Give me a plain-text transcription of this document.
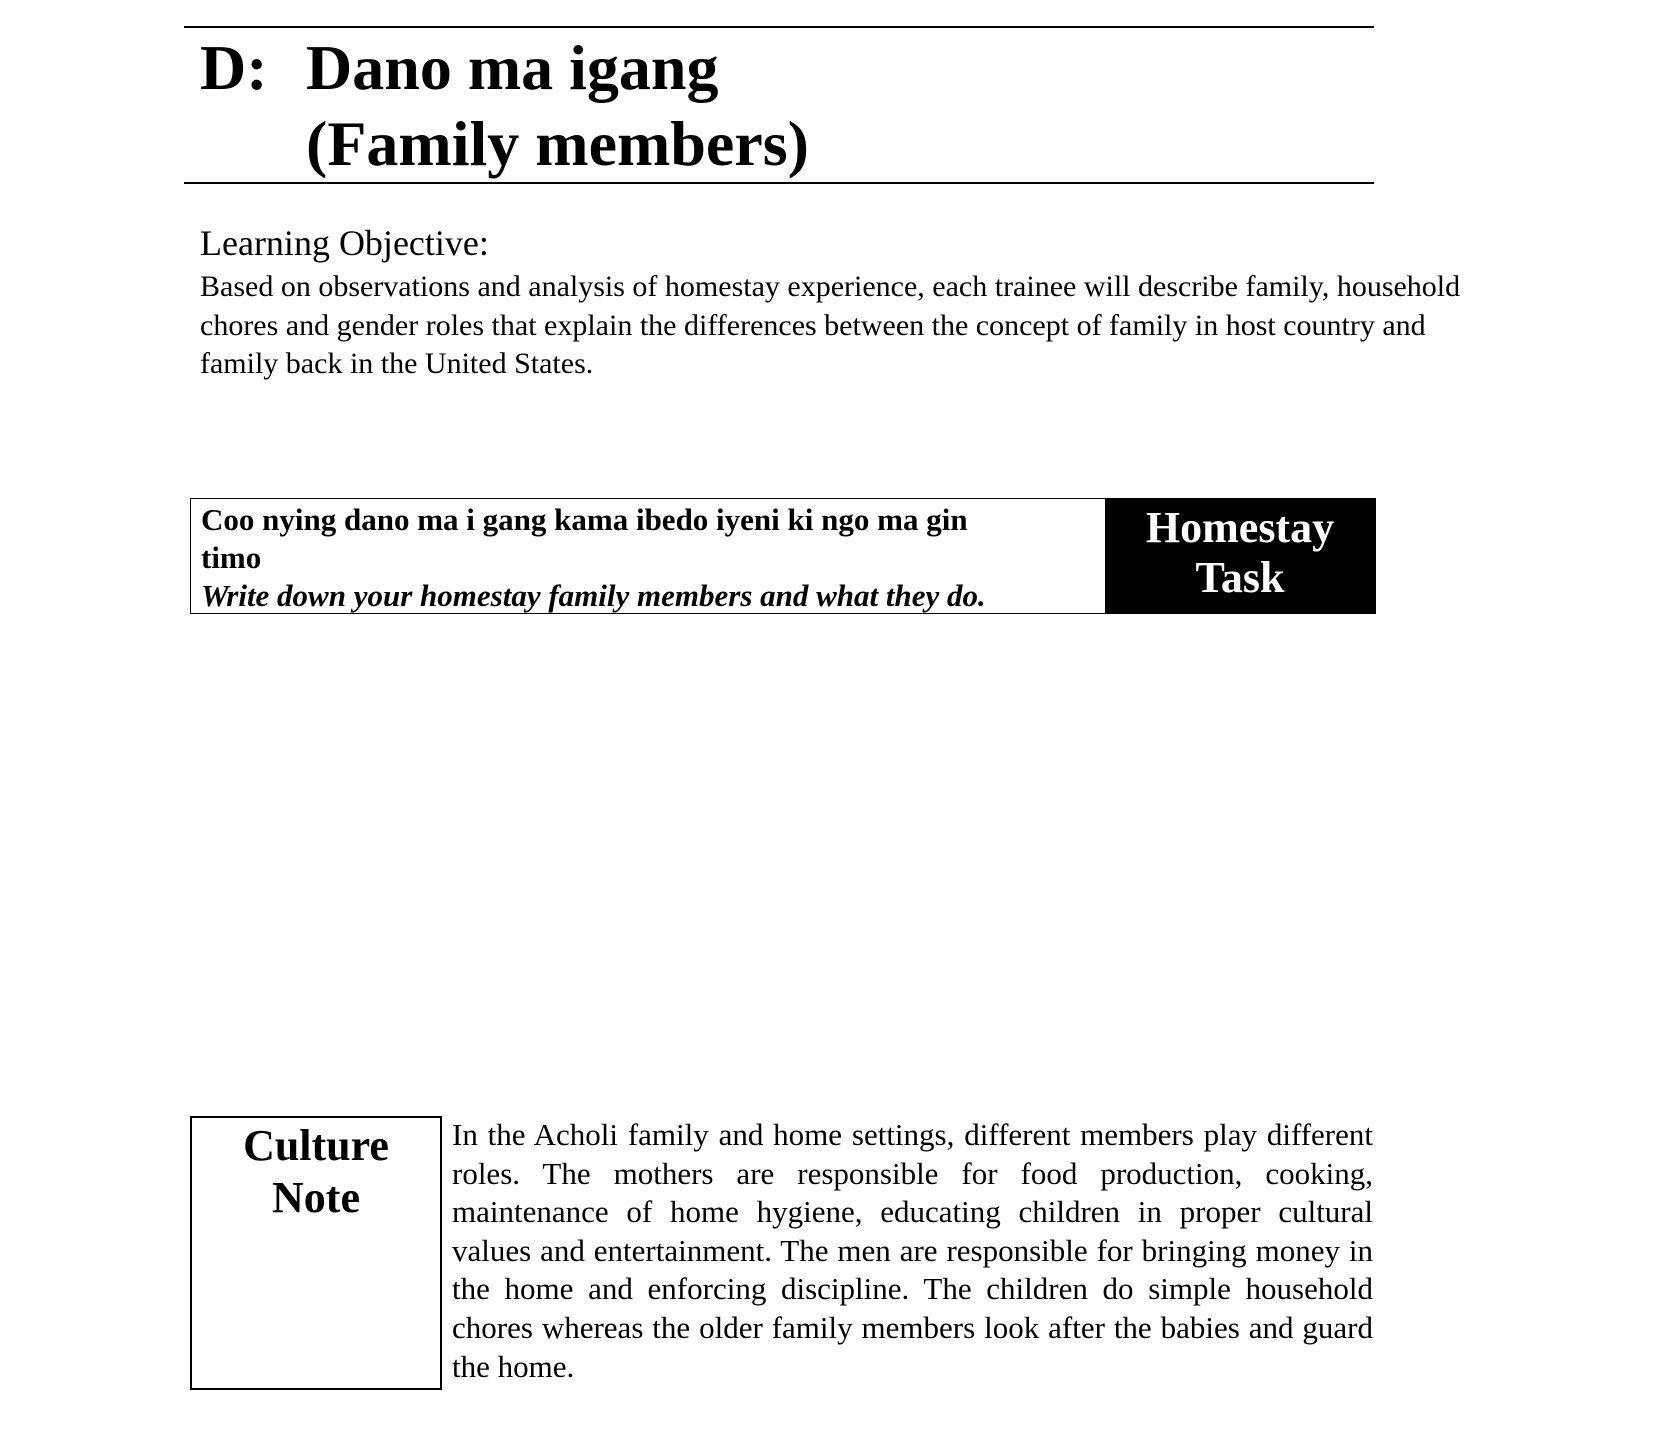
D: Dano ma igang
(Family members)
Learning Objective:
Based on observations and analysis of homestay experience, each trainee will describe family, household chores and gender roles that explain the differences between the concept of family in host country and family back in the United States.
Coo nying dano ma i gang kama ibedo iyeni ki ngo ma gin
timo
Write down your homestay family members and what they do.
Homestay
Task
Culture
Note
In the Acholi family and home settings, different members play different roles. The mothers are responsible for food production, cooking, maintenance of home hygiene, educating children in proper cultural values and entertainment. The men are responsible for bringing money in the home and enforcing discipline. The children do simple household chores whereas the older family members look after the babies and guard the home.
